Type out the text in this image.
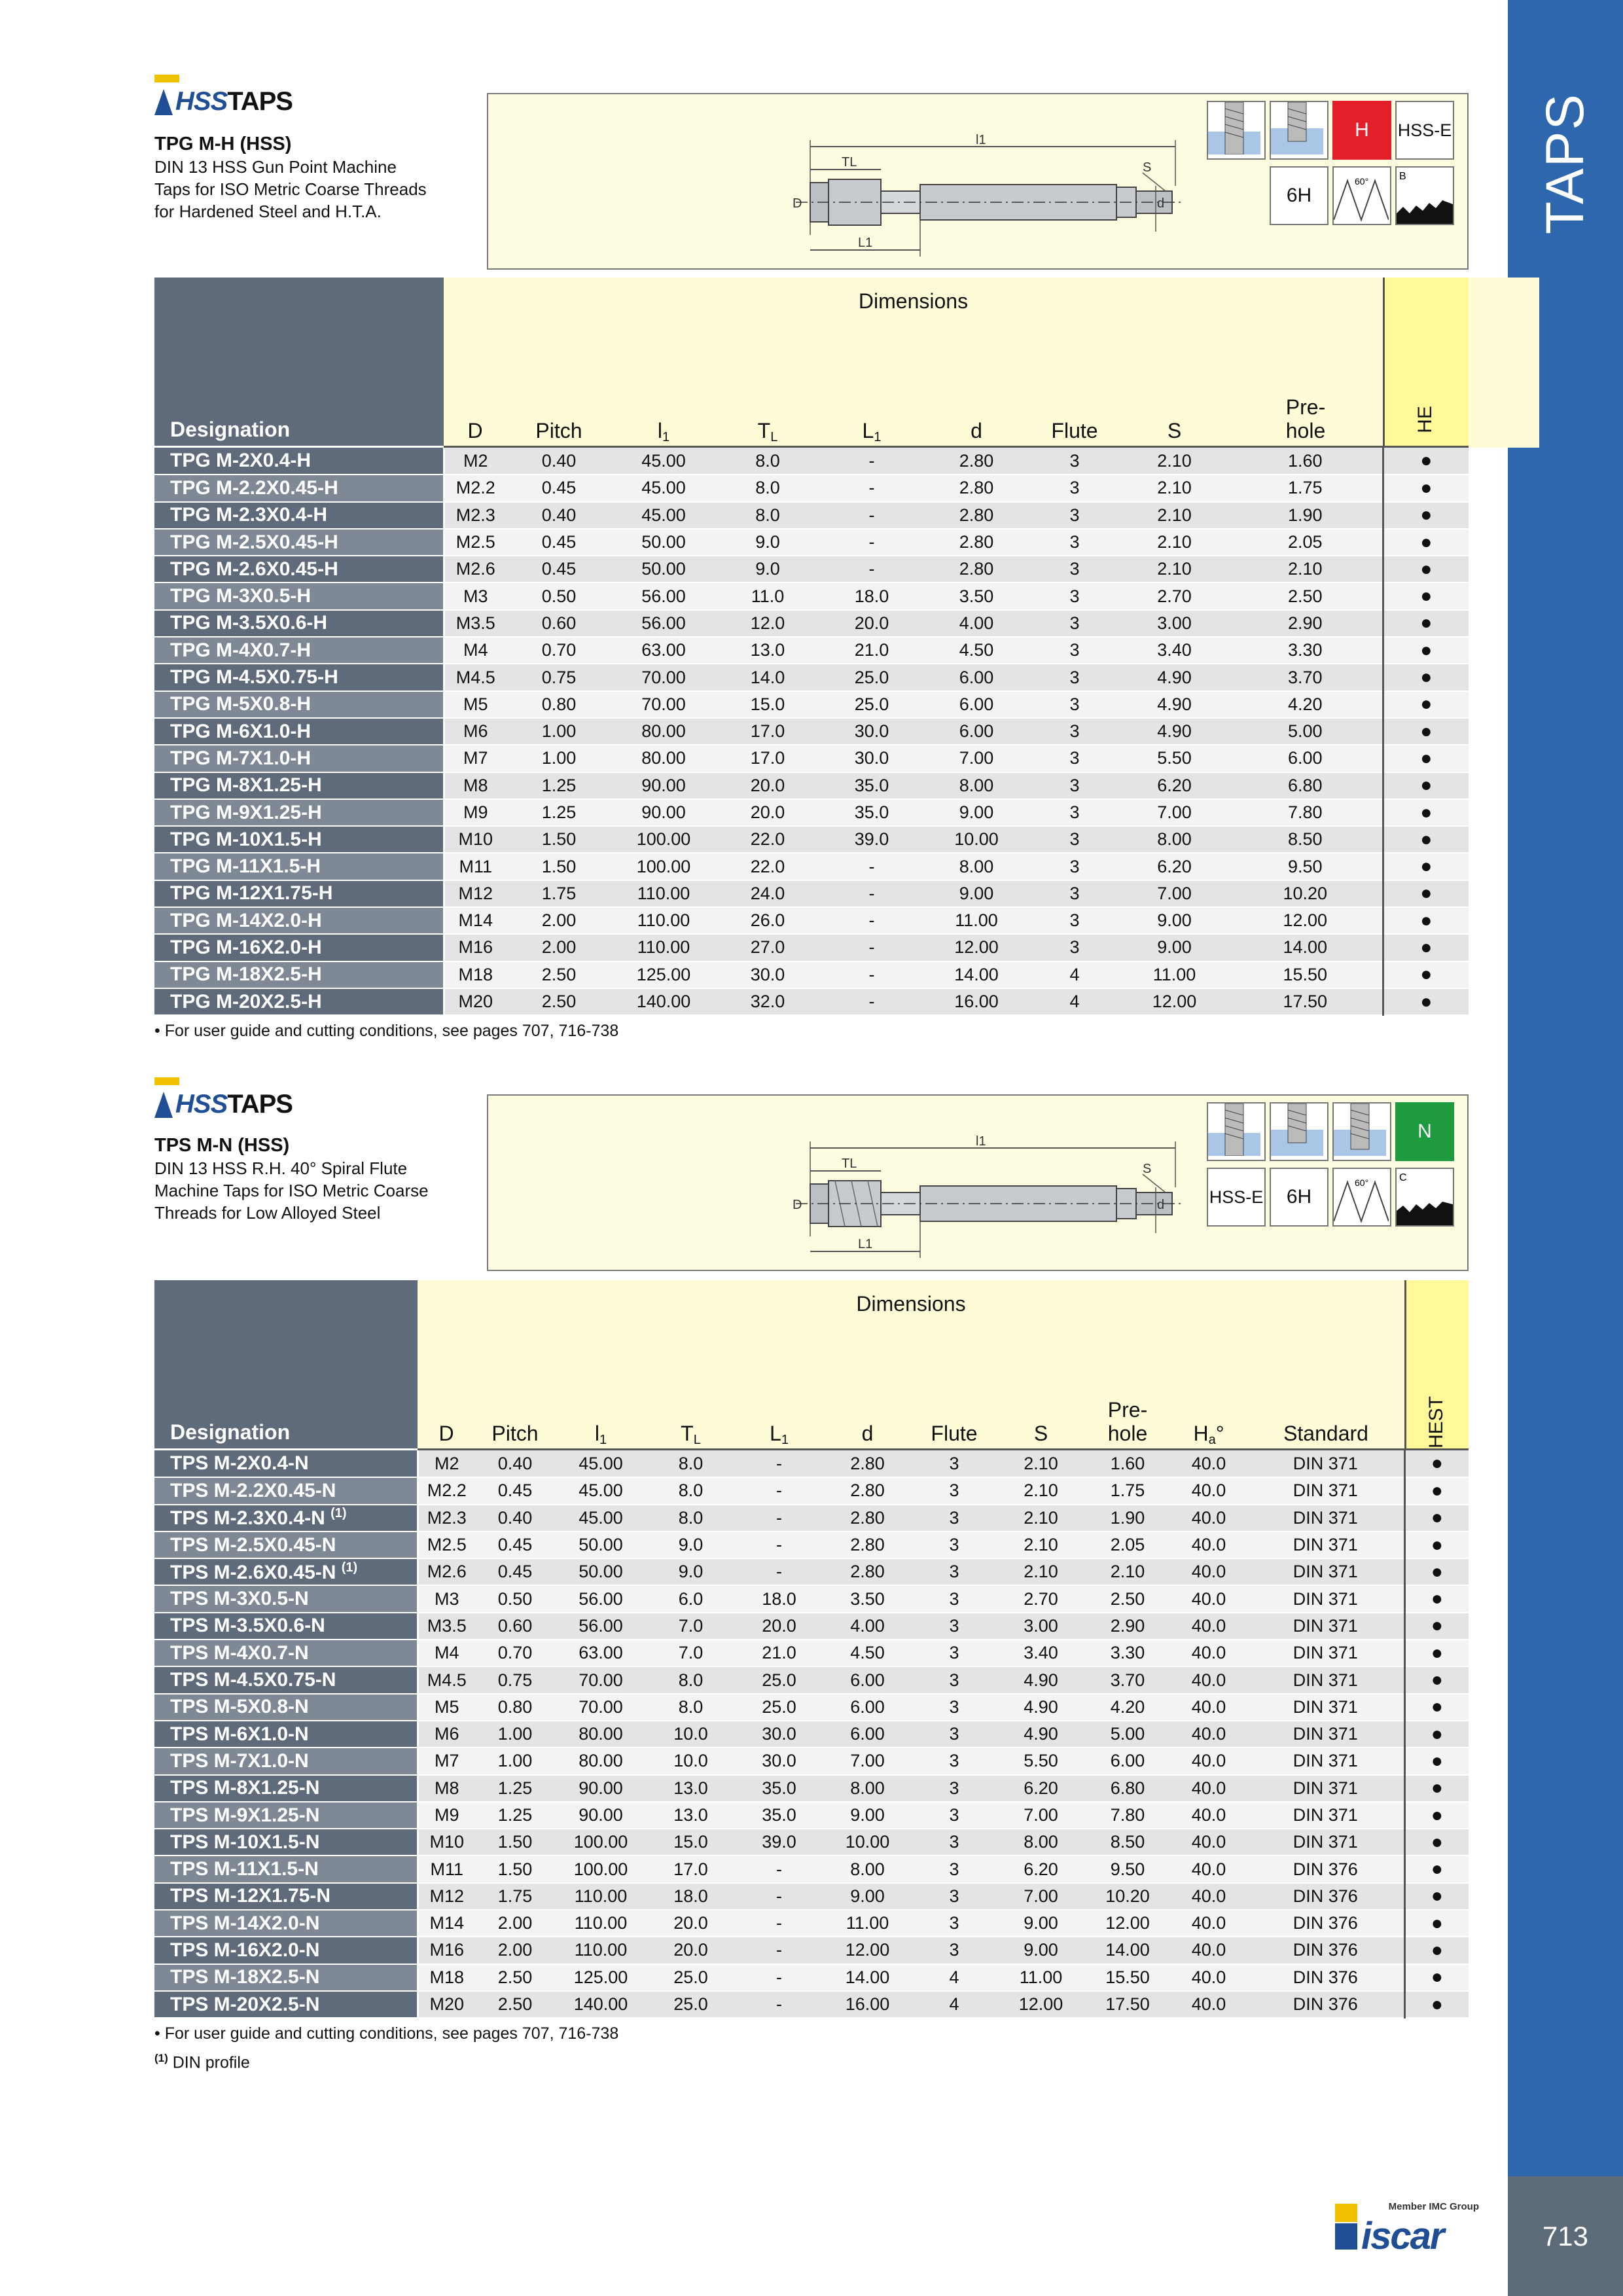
TAPS
713
HSS TAPS
TPG M-H (HSS)
DIN 13 HSS Gun Point Machine
Taps for ISO Metric Coarse Threads
for Hardened Steel and H.T.A.
l1
TL	S
D	d
L1
H HSS-E
6H
60°	B
Designation
Dimensions
D	Pitch	l1	TL	L1	d	Flute	S
Pre-
hole	HE
TPG M-2X0.4-H	M2	0.40	45.00	8.0	-	2.80	3	2.10	1.60	●
TPG M-2.2X0.45-H	M2.2	0.45	45.00	8.0	-	2.80	3	2.10	1.75	●
TPG M-2.3X0.4-H	M2.3	0.40	45.00	8.0	-	2.80	3	2.10	1.90	●
TPG M-2.5X0.45-H	M2.5	0.45	50.00	9.0	-	2.80	3	2.10	2.05	●
TPG M-2.6X0.45-H	M2.6	0.45	50.00	9.0	-	2.80	3	2.10	2.10	●
TPG M-3X0.5-H	M3	0.50	56.00	11.0	18.0	3.50	3	2.70	2.50	●
TPG M-3.5X0.6-H	M3.5	0.60	56.00	12.0	20.0	4.00	3	3.00	2.90	●
TPG M-4X0.7-H	M4	0.70	63.00	13.0	21.0	4.50	3	3.40	3.30	●
TPG M-4.5X0.75-H	M4.5	0.75	70.00	14.0	25.0	6.00	3	4.90	3.70	●
TPG M-5X0.8-H	M5	0.80	70.00	15.0	25.0	6.00	3	4.90	4.20	●
TPG M-6X1.0-H	M6	1.00	80.00	17.0	30.0	6.00	3	4.90	5.00	●
TPG M-7X1.0-H	M7	1.00	80.00	17.0	30.0	7.00	3	5.50	6.00	●
TPG M-8X1.25-H	M8	1.25	90.00	20.0	35.0	8.00	3	6.20	6.80	●
TPG M-9X1.25-H	M9	1.25	90.00	20.0	35.0	9.00	3	7.00	7.80	●
TPG M-10X1.5-H	M10	1.50	100.00	22.0	39.0	10.00	3	8.00	8.50	●
TPG M-11X1.5-H	M11	1.50	100.00	22.0	-	8.00	3	6.20	9.50	●
TPG M-12X1.75-H	M12	1.75	110.00	24.0	-	9.00	3	7.00	10.20	●
TPG M-14X2.0-H	M14	2.00	110.00	26.0	-	11.00	3	9.00	12.00	●
TPG M-16X2.0-H	M16	2.00	110.00	27.0	-	12.00	3	9.00	14.00	●
TPG M-18X2.5-H	M18	2.50	125.00	30.0	-	14.00	4	11.00	15.50	●
TPG M-20X2.5-H	M20	2.50	140.00	32.0	-	16.00	4	12.00	17.50	●
• For user guide and cutting conditions, see pages 707, 716-738
HSS TAPS
TPS M-N (HSS)
DIN 13 HSS R.H. 40° Spiral Flute
Machine Taps for ISO Metric Coarse
Threads for Low Alloyed Steel
l1
TL	S
D	d
L1
N
HSS-E 6H
60°	C
Designation
Dimensions
D	Pitch	l1	TL	L1	d	Flute	S
Pre-
hole	Ha°	Standard	HEST
TPS M-2X0.4-N	M2	0.40	45.00	8.0	-	2.80	3	2.10	1.60	40.0	DIN 371	●
TPS M-2.2X0.45-N	M2.2	0.45	45.00	8.0	-	2.80	3	2.10	1.75	40.0	DIN 371	●
TPS M-2.3X0.4-N $^{(1)}$	M2.3	0.40	45.00	8.0	-	2.80	3	2.10	1.90	40.0	DIN 371	●
TPS M-2.5X0.45-N	M2.5	0.45	50.00	9.0	-	2.80	3	2.10	2.05	40.0	DIN 371	●
TPS M-2.6X0.45-N $^{(1)}$	M2.6	0.45	50.00	9.0	-	2.80	3	2.10	2.10	40.0	DIN 371	●
TPS M-3X0.5-N	M3	0.50	56.00	6.0	18.0	3.50	3	2.70	2.50	40.0	DIN 371	●
TPS M-3.5X0.6-N	M3.5	0.60	56.00	7.0	20.0	4.00	3	3.00	2.90	40.0	DIN 371	●
TPS M-4X0.7-N	M4	0.70	63.00	7.0	21.0	4.50	3	3.40	3.30	40.0	DIN 371	●
TPS M-4.5X0.75-N	M4.5	0.75	70.00	8.0	25.0	6.00	3	4.90	3.70	40.0	DIN 371	●
TPS M-5X0.8-N	M5	0.80	70.00	8.0	25.0	6.00	3	4.90	4.20	40.0	DIN 371	●
TPS M-6X1.0-N	M6	1.00	80.00	10.0	30.0	6.00	3	4.90	5.00	40.0	DIN 371	●
TPS M-7X1.0-N	M7	1.00	80.00	10.0	30.0	7.00	3	5.50	6.00	40.0	DIN 371	●
TPS M-8X1.25-N	M8	1.25	90.00	13.0	35.0	8.00	3	6.20	6.80	40.0	DIN 371	●
TPS M-9X1.25-N	M9	1.25	90.00	13.0	35.0	9.00	3	7.00	7.80	40.0	DIN 371	●
TPS M-10X1.5-N	M10	1.50	100.00	15.0	39.0	10.00	3	8.00	8.50	40.0	DIN 371	●
TPS M-11X1.5-N	M11	1.50	100.00	17.0	-	8.00	3	6.20	9.50	40.0	DIN 376	●
TPS M-12X1.75-N	M12	1.75	110.00	18.0	-	9.00	3	7.00	10.20	40.0	DIN 376	●
TPS M-14X2.0-N	M14	2.00	110.00	20.0	-	11.00	3	9.00	12.00	40.0	DIN 376	●
TPS M-16X2.0-N	M16	2.00	110.00	20.0	-	12.00	3	9.00	14.00	40.0	DIN 376	●
TPS M-18X2.5-N	M18	2.50	125.00	25.0	-	14.00	4	11.00	15.50	40.0	DIN 376	●
TPS M-20X2.5-N	M20	2.50	140.00	25.0	-	16.00	4	12.00	17.50	40.0	DIN 376	●
• For user guide and cutting conditions, see pages 707, 716-738
$^{(1)}$ DIN profile
Member IMC Group
iscar
